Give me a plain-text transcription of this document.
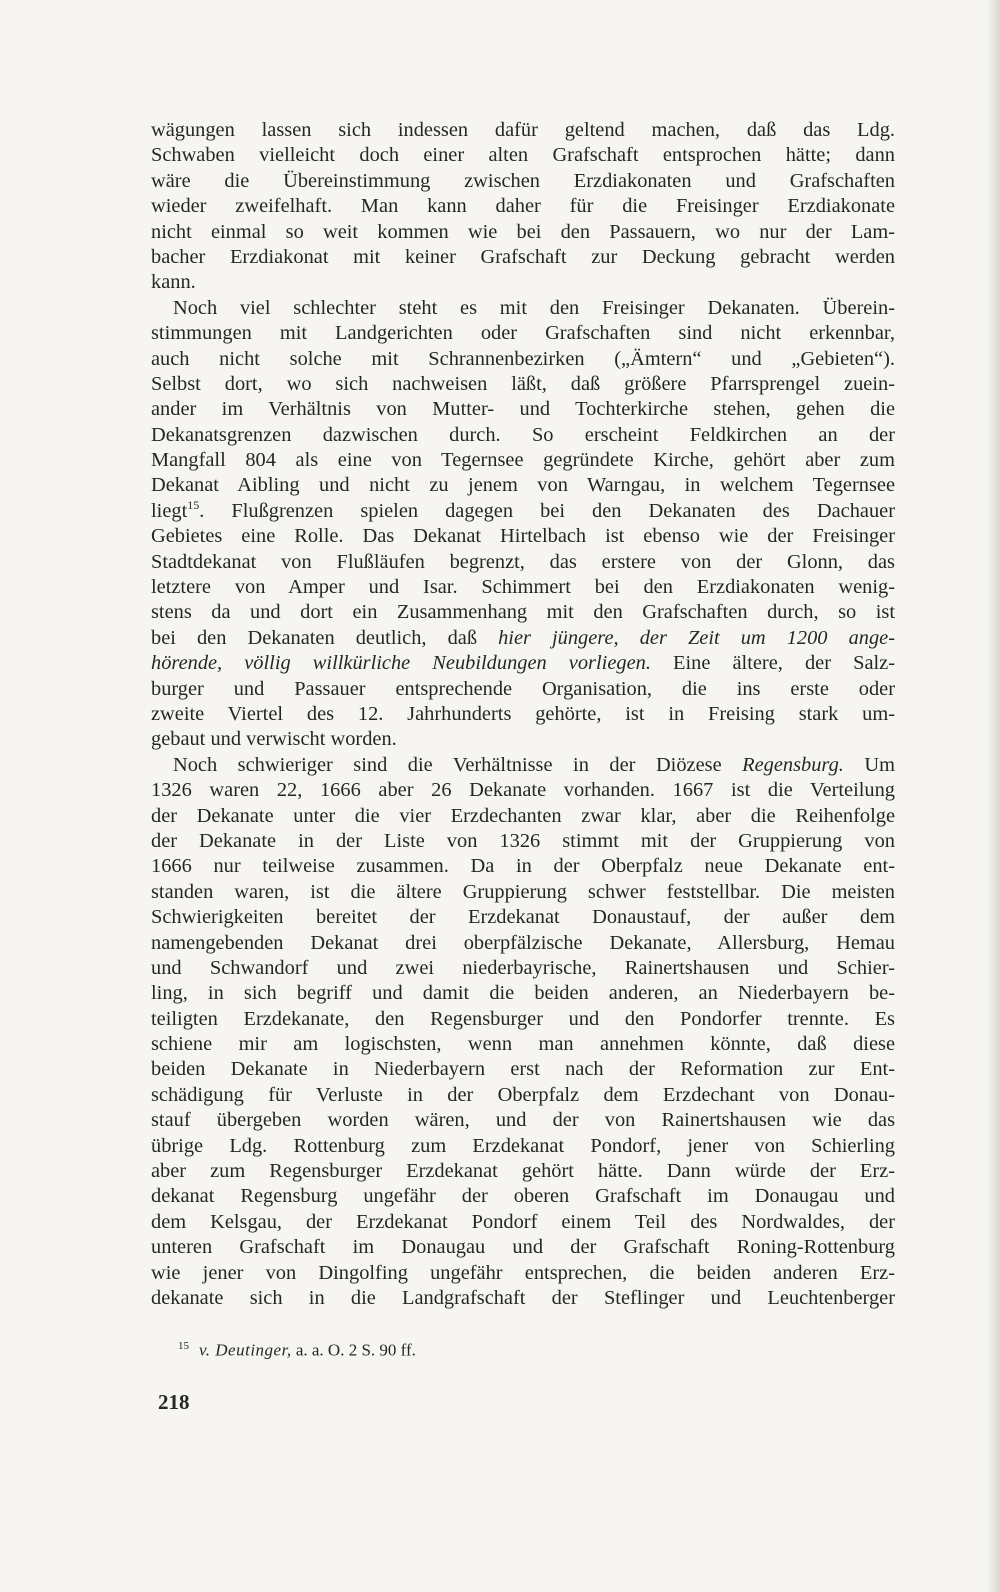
wägungen lassen sich indessen dafür geltend machen, daß das Ldg.
Schwaben vielleicht doch einer alten Grafschaft entsprochen hätte; dann
wäre die Übereinstimmung zwischen Erzdiakonaten und Grafschaften
wieder zweifelhaft. Man kann daher für die Freisinger Erzdiakonate
nicht einmal so weit kommen wie bei den Passauern, wo nur der Lam-
bacher Erzdiakonat mit keiner Grafschaft zur Deckung gebracht werden
kann.
Noch viel schlechter steht es mit den Freisinger Dekanaten. Überein-
stimmungen mit Landgerichten oder Grafschaften sind nicht erkennbar,
auch nicht solche mit Schrannenbezirken („Ämtern“ und „Gebieten“).
Selbst dort, wo sich nachweisen läßt, daß größere Pfarrsprengel zuein-
ander im Verhältnis von Mutter- und Tochterkirche stehen, gehen die
Dekanatsgrenzen dazwischen durch. So erscheint Feldkirchen an der
Mangfall 804 als eine von Tegernsee gegründete Kirche, gehört aber zum
Dekanat Aibling und nicht zu jenem von Warngau, in welchem Tegernsee
liegt$^{15}$. Flußgrenzen spielen dagegen bei den Dekanaten des Dachauer
Gebietes eine Rolle. Das Dekanat Hirtelbach ist ebenso wie der Freisinger
Stadtdekanat von Flußläufen begrenzt, das erstere von der Glonn, das
letztere von Amper und Isar. Schimmert bei den Erzdiakonaten wenig-
stens da und dort ein Zusammenhang mit den Grafschaften durch, so ist
bei den Dekanaten deutlich, daß hier jüngere, der Zeit um 1200 ange-
hörende, völlig willkürliche Neubildungen vorliegen. Eine ältere, der Salz-
burger und Passauer entsprechende Organisation, die ins erste oder
zweite Viertel des 12. Jahrhunderts gehörte, ist in Freising stark um-
gebaut und verwischt worden.
Noch schwieriger sind die Verhältnisse in der Diözese Regensburg. Um
1326 waren 22, 1666 aber 26 Dekanate vorhanden. 1667 ist die Verteilung
der Dekanate unter die vier Erzdechanten zwar klar, aber die Reihenfolge
der Dekanate in der Liste von 1326 stimmt mit der Gruppierung von
1666 nur teilweise zusammen. Da in der Oberpfalz neue Dekanate ent-
standen waren, ist die ältere Gruppierung schwer feststellbar. Die meisten
Schwierigkeiten bereitet der Erzdekanat Donaustauf, der außer dem
namengebenden Dekanat drei oberpfälzische Dekanate, Allersburg, Hemau
und Schwandorf und zwei niederbayrische, Rainertshausen und Schier-
ling, in sich begriff und damit die beiden anderen, an Niederbayern be-
teiligten Erzdekanate, den Regensburger und den Pondorfer trennte. Es
schiene mir am logischsten, wenn man annehmen könnte, daß diese
beiden Dekanate in Niederbayern erst nach der Reformation zur Ent-
schädigung für Verluste in der Oberpfalz dem Erzdechant von Donau-
stauf übergeben worden wären, und der von Rainertshausen wie das
übrige Ldg. Rottenburg zum Erzdekanat Pondorf, jener von Schierling
aber zum Regensburger Erzdekanat gehört hätte. Dann würde der Erz-
dekanat Regensburg ungefähr der oberen Grafschaft im Donaugau und
dem Kelsgau, der Erzdekanat Pondorf einem Teil des Nordwaldes, der
unteren Grafschaft im Donaugau und der Grafschaft Roning-Rottenburg
wie jener von Dingolfing ungefähr entsprechen, die beiden anderen Erz-
dekanate sich in die Landgrafschaft der Steflinger und Leuchtenberger
$^{15}$ v. Deutinger, a. a. O. 2 S. 90 ff.
218
